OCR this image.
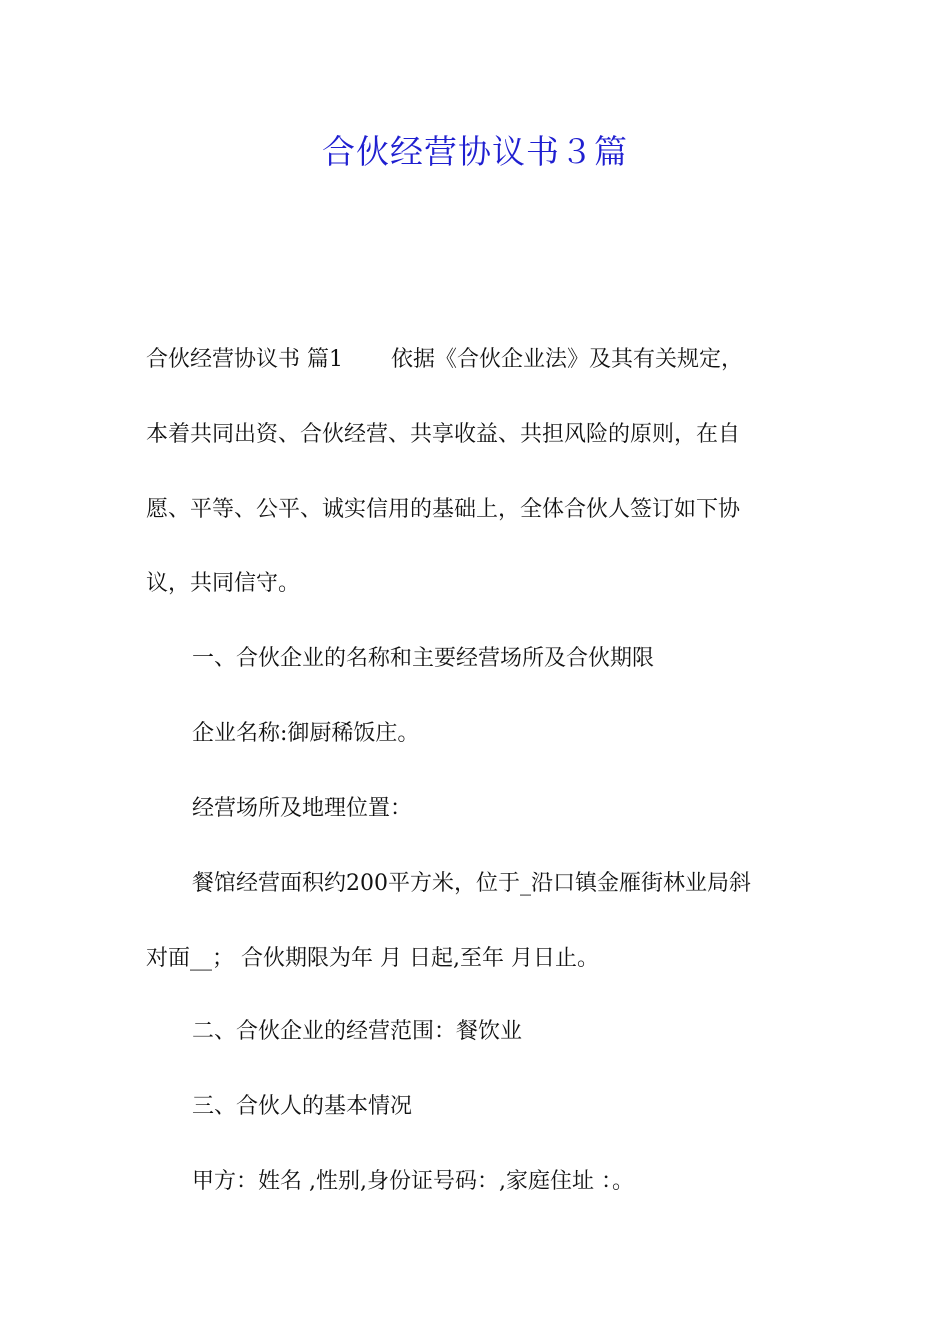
合伙经营协议书３篇

合伙经营协议书 篇1 依据《合伙企业法》及其有关规定，

本着共同出资、合伙经营、共享收益、共担风险的原则，在自

愿、平等、公平、诚实信用的基础上，全体合伙人签订如下协

议，共同信守。

一、合伙企业的名称和主要经营场所及合伙期限

企业名称:御厨稀饭庄。

经营场所及地理位置：

餐馆经营面积约200平方米，位于_沿口镇金雁街林业局斜

对面__； 合伙期限为年 月 日起,至年 月日止。

二、合伙企业的经营范围：餐饮业

三、合伙人的基本情况

甲方：姓名 ,性别,身份证号码：,家庭住址 ：。
